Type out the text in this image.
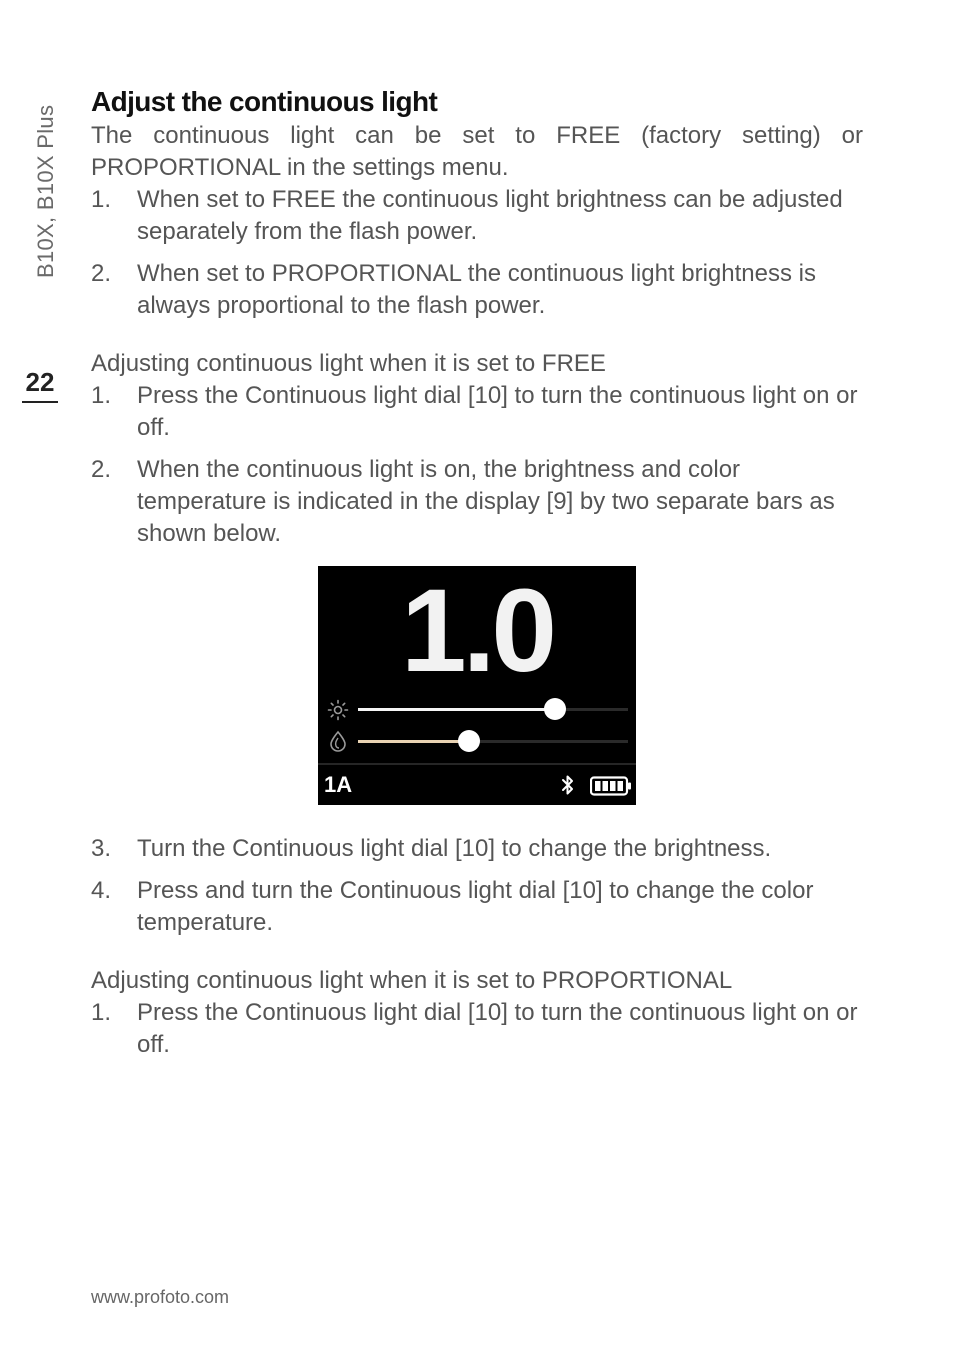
B10X, B10X Plus
22
Adjust the continuous light

The continuous light can be set to FREE (factory setting) or PROPORTIONAL in the settings menu.

1. When set to FREE the continuous light brightness can be adjusted separately from the flash power.
2. When set to PROPORTIONAL the continuous light brightness is always proportional to the flash power.

Adjusting continuous light when it is set to FREE

1. Press the Continuous light dial [10] to turn the continuous light on or off.
2. When the continuous light is on, the brightness and color temperature is indicated in the display [9] by two separate bars as shown below.
1.0
1A
3. Turn the Continuous light dial [10] to change the brightness.
4. Press and turn the Continuous light dial [10] to change the color temperature.

Adjusting continuous light when it is set to PROPORTIONAL

1. Press the Continuous light dial [10] to turn the continuous light on or off.
www.profoto.com
